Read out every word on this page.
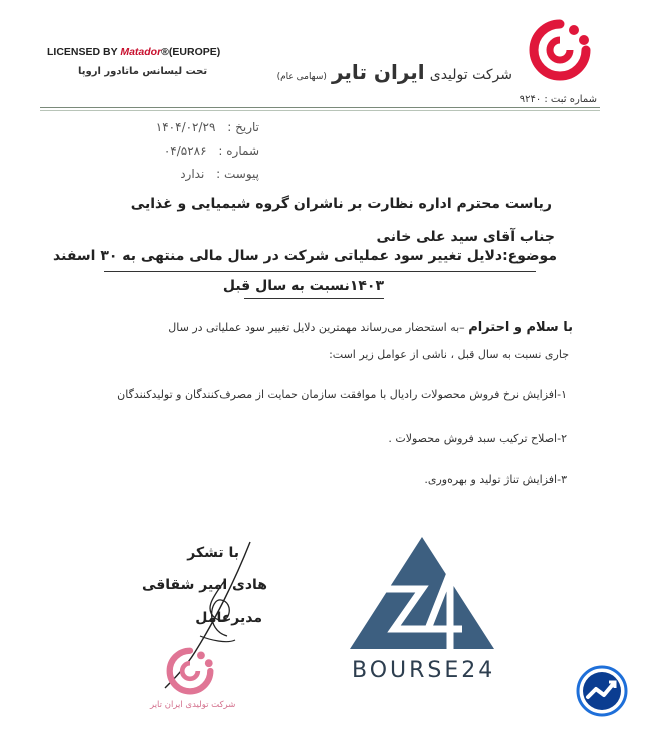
LICENSED BY Matador®(EUROPE)
تحت لیسانس ماتادور اروپا	شرکت تولیدی ایران تایر (سهامی عام)
شماره ثبت : ۹۲۴۰
تاریخ : ۱۴۰۴/۰۲/۲۹
شماره : ۰۴/۵۲۸۶
پیوست : ندارد
ریاست محترم اداره نظارت بر ناشران گروه شیمیایی و غذایی
جناب آقای سید علی خانی
موضوع:دلایل تغییر سود عملیاتی شرکت در سال مالی منتهی به ۳۰ اسفند
۱۴۰۳نسبت به سال قبل
با سلام و احترام –به استحضار می‌رساند مهمترین دلایل تغییر سود عملیاتی در سال
جاری نسبت به سال قبل ، ناشی از عوامل زیر است:
۱-افزایش نرخ فروش محصولات رادیال با موافقت سازمان حمایت از مصرف‌کنندگان و تولیدکنندگان
۲-اصلاح ترکیب سبد فروش محصولات .
۳-افزایش تناژ تولید و بهره‌وری.
با تشکر
هادی امیر شقاقی
مدیرعامل
شرکت تولیدی ایران تایر
BOURSE24
